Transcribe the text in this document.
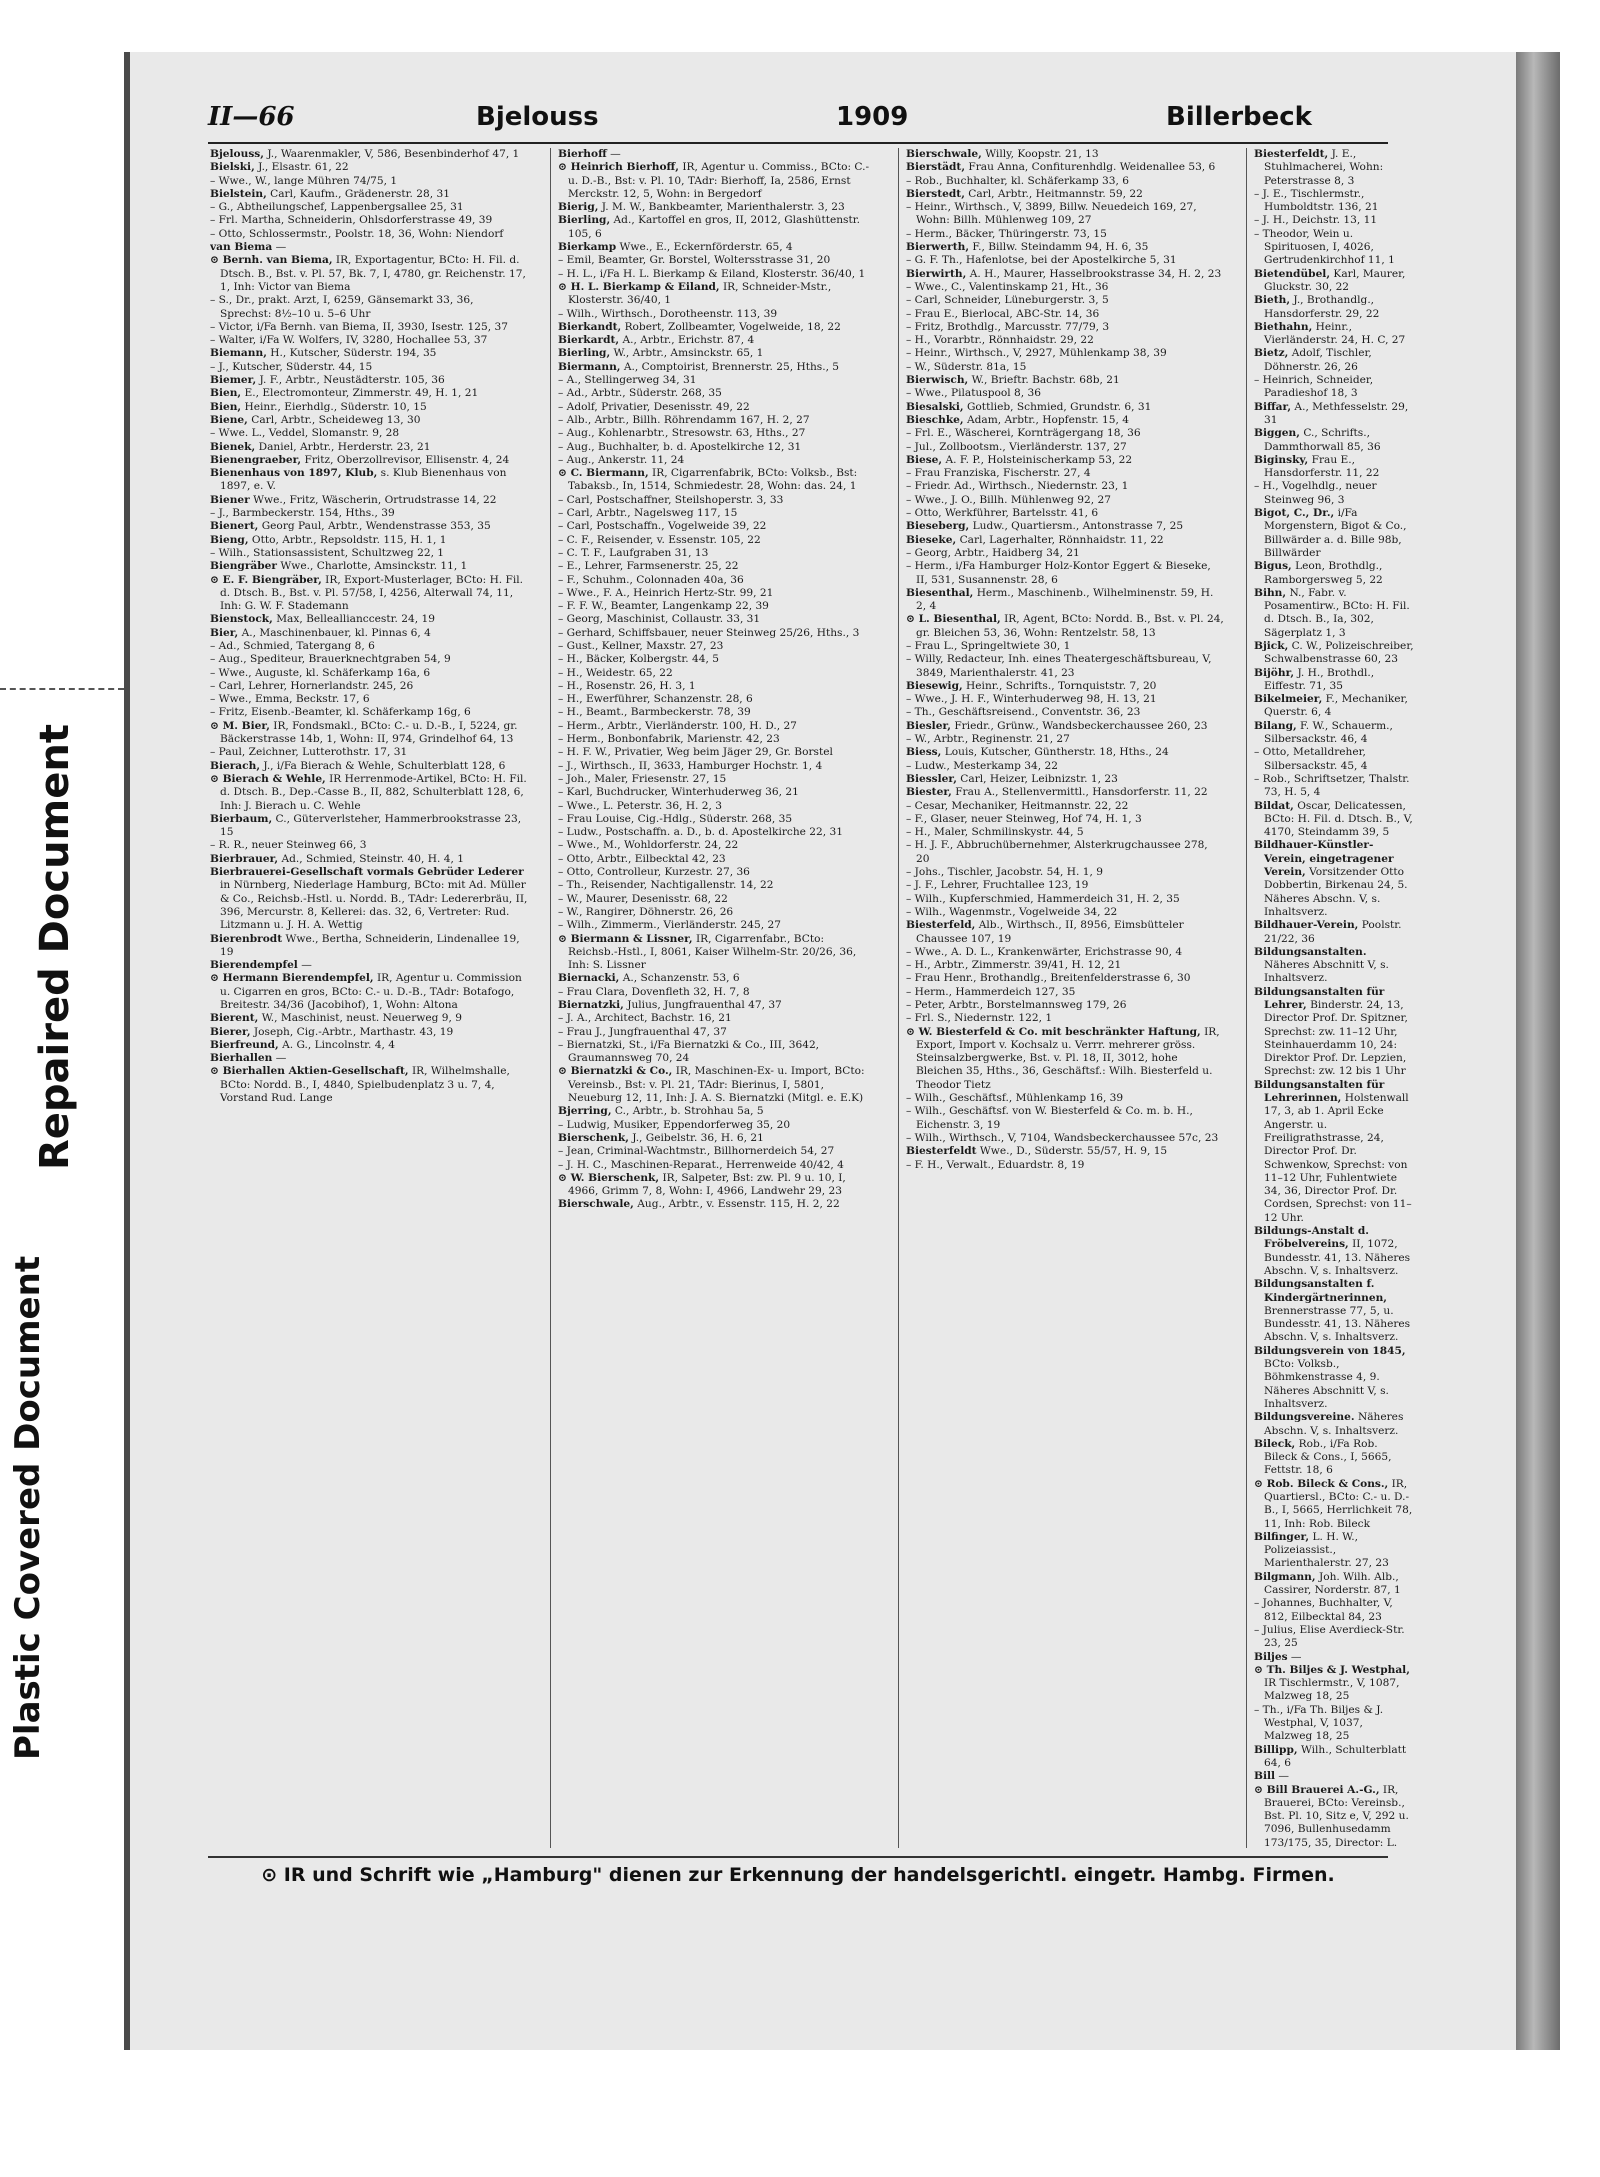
Plastic Covered Document
Repaired Document
II—66	Bjelouss	1909	Billerbeck
Bjelouss, J., Waarenmakler, V, 586, Besenbinderhof 47, 1
Bielski, J., Elsastr. 61, 22
– Wwe., W., lange Mühren 74/75, 1
Bielstein, Carl, Kaufm., Grädenerstr. 28, 31
– G., Abtheilungschef, Lappenbergsallee 25, 31
– Frl. Martha, Schneiderin, Ohlsdorferstrasse 49, 39
– Otto, Schlossermstr., Poolstr. 18, 36, Wohn: Niendorf
van Biema —
⊙ Bernh. van Biema, IR, Exportagentur, BCto: H. Fil. d. Dtsch. B., Bst. v. Pl. 57, Bk. 7, I, 4780, gr. Reichenstr. 17, 1, Inh: Victor van Biema
– S., Dr., prakt. Arzt, I, 6259, Gänsemarkt 33, 36, Sprechst: 8½–10 u. 5–6 Uhr
– Victor, i/Fa Bernh. van Biema, II, 3930, Isestr. 125, 37
– Walter, i/Fa W. Wolfers, IV, 3280, Hochallee 53, 37
Biemann, H., Kutscher, Süderstr. 194, 35
– J., Kutscher, Süderstr. 44, 15
Biemer, J. F., Arbtr., Neustädterstr. 105, 36
Bien, E., Electromonteur, Zimmerstr. 49, H. 1, 21
Bien, Heinr., Eierhdlg., Süderstr. 10, 15
Biene, Carl, Arbtr., Scheideweg 13, 30
– Wwe. L., Veddel, Slomanstr. 9, 28
Bienek, Daniel, Arbtr., Herderstr. 23, 21
Bienengraeber, Fritz, Oberzollrevisor, Ellisenstr. 4, 24
Bienenhaus von 1897, Klub, s. Klub Bienenhaus von 1897, e. V.
Biener Wwe., Fritz, Wäscherin, Ortrudstrasse 14, 22
– J., Barmbeckerstr. 154, Hths., 39
Bienert, Georg Paul, Arbtr., Wendenstrasse 353, 35
Bieng, Otto, Arbtr., Repsoldstr. 115, H. 1, 1
– Wilh., Stationsassistent, Schultzweg 22, 1
Biengräber Wwe., Charlotte, Amsinckstr. 11, 1
⊙ E. F. Biengräber, IR, Export-Musterlager, BCto: H. Fil. d. Dtsch. B., Bst. v. Pl. 57/58, I, 4256, Alterwall 74, 11, Inh: G. W. F. Stademann
Bienstock, Max, Belleallianccestr. 24, 19
Bier, A., Maschinenbauer, kl. Pinnas 6, 4
– Ad., Schmied, Tatergang 8, 6
– Aug., Spediteur, Brauerknechtgraben 54, 9
– Wwe., Auguste, kl. Schäferkamp 16a, 6
– Carl, Lehrer, Hornerlandstr. 245, 26
– Wwe., Emma, Beckstr. 17, 6
– Fritz, Eisenb.-Beamter, kl. Schäferkamp 16g, 6
⊙ M. Bier, IR, Fondsmakl., BCto: C.- u. D.-B., I, 5224, gr. Bäckerstrasse 14b, 1, Wohn: II, 974, Grindelhof 64, 13
– Paul, Zeichner, Lutterothstr. 17, 31
Bierach, J., i/Fa Bierach & Wehle, Schulterblatt 128, 6
⊙ Bierach & Wehle, IR Herrenmode-Artikel, BCto: H. Fil. d. Dtsch. B., Dep.-Casse B., II, 882, Schulterblatt 128, 6, Inh: J. Bierach u. C. Wehle
Bierbaum, C., Güterverlsteher, Hammerbrookstrasse 23, 15
– R. R., neuer Steinweg 66, 3
Bierbrauer, Ad., Schmied, Steinstr. 40, H. 4, 1
Bierbrauerei-Gesellschaft vormals Gebrüder Lederer in Nürnberg, Niederlage Hamburg, BCto: mit Ad. Müller & Co., Reichsb.-Hstl. u. Nordd. B., TAdr: Ledererbräu, II, 396, Mercurstr. 8, Kellerei: das. 32, 6, Vertreter: Rud. Litzmann u. J. H. A. Wettig
Bierenbrodt Wwe., Bertha, Schneiderin, Lindenallee 19, 19
Bierendempfel —
⊙ Hermann Bierendempfel, IR, Agentur u. Commission u. Cigarren en gros, BCto: C.- u. D.-B., TAdr: Botafogo, Breitestr. 34/36 (Jacobihof), 1, Wohn: Altona
Bierent, W., Maschinist, neust. Neuerweg 9, 9
Bierer, Joseph, Cig.-Arbtr., Marthastr. 43, 19
Bierfreund, A. G., Lincolnstr. 4, 4
Bierhallen —
⊙ Bierhallen Aktien-Gesellschaft, IR, Wilhelmshalle, BCto: Nordd. B., I, 4840, Spielbudenplatz 3 u. 7, 4, Vorstand Rud. Lange
Bierhoff —
⊙ Heinrich Bierhoff, IR, Agentur u. Commiss., BCto: C.- u. D.-B., Bst: v. Pl. 10, TAdr: Bierhoff, Ia, 2586, Ernst Merckstr. 12, 5, Wohn: in Bergedorf
Bierig, J. M. W., Bankbeamter, Marienthalerstr. 3, 23
Bierling, Ad., Kartoffel en gros, II, 2012, Glashüttenstr. 105, 6
Bierkamp Wwe., E., Eckernförderstr. 65, 4
– Emil, Beamter, Gr. Borstel, Woltersstrasse 31, 20
– H. L., i/Fa H. L. Bierkamp & Eiland, Klosterstr. 36/40, 1
⊙ H. L. Bierkamp & Eiland, IR, Schneider-Mstr., Klosterstr. 36/40, 1
– Wilh., Wirthsch., Dorotheenstr. 113, 39
Bierkandt, Robert, Zollbeamter, Vogelweide, 18, 22
Bierkardt, A., Arbtr., Erichstr. 87, 4
Bierling, W., Arbtr., Amsinckstr. 65, 1
Biermann, A., Comptoirist, Brennerstr. 25, Hths., 5
– A., Stellingerweg 34, 31
– Ad., Arbtr., Süderstr. 268, 35
– Adolf, Privatier, Desenisstr. 49, 22
– Alb., Arbtr., Billh. Röhrendamm 167, H. 2, 27
– Aug., Kohlenarbtr., Stresowstr. 63, Hths., 27
– Aug., Buchhalter, b. d. Apostelkirche 12, 31
– Aug., Ankerstr. 11, 24
⊙ C. Biermann, IR, Cigarrenfabrik, BCto: Volksb., Bst: Tabaksb., In, 1514, Schmiedestr. 28, Wohn: das. 24, 1
– Carl, Postschaffner, Steilshoperstr. 3, 33
– Carl, Arbtr., Nagelsweg 117, 15
– Carl, Postschaffn., Vogelweide 39, 22
– C. F., Reisender, v. Essenstr. 105, 22
– C. T. F., Laufgraben 31, 13
– E., Lehrer, Farmsenerstr. 25, 22
– F., Schuhm., Colonnaden 40a, 36
– Wwe., F. A., Heinrich Hertz-Str. 99, 21
– F. F. W., Beamter, Langenkamp 22, 39
– Georg, Maschinist, Collaustr. 33, 31
– Gerhard, Schiffsbauer, neuer Steinweg 25/26, Hths., 3
– Gust., Kellner, Maxstr. 27, 23
– H., Bäcker, Kolbergstr. 44, 5
– H., Weidestr. 65, 22
– H., Rosenstr. 26, H. 3, 1
– H., Ewerführer, Schanzenstr. 28, 6
– H., Beamt., Barmbeckerstr. 78, 39
– Herm., Arbtr., Vierländerstr. 100, H. D., 27
– Herm., Bonbonfabrik, Marienstr. 42, 23
– H. F. W., Privatier, Weg beim Jäger 29, Gr. Borstel
– J., Wirthsch., II, 3633, Hamburger Hochstr. 1, 4
– Joh., Maler, Friesenstr. 27, 15
– Karl, Buchdrucker, Winterhuderweg 36, 21
– Wwe., L. Peterstr. 36, H. 2, 3
– Frau Louise, Cig.-Hdlg., Süderstr. 268, 35
– Ludw., Postschaffn. a. D., b. d. Apostelkirche 22, 31
– Wwe., M., Wohldorferstr. 24, 22
– Otto, Arbtr., Eilbecktal 42, 23
– Otto, Controlleur, Kurzestr. 27, 36
– Th., Reisender, Nachtigallenstr. 14, 22
– W., Maurer, Desenisstr. 68, 22
– W., Rangirer, Döhnerstr. 26, 26
– Wilh., Zimmerm., Vierländerstr. 245, 27
⊙ Biermann & Lissner, IR, Cigarrenfabr., BCto: Reichsb.-Hstl., I, 8061, Kaiser Wilhelm-Str. 20/26, 36, Inh: S. Lissner
Biernacki, A., Schanzenstr. 53, 6
– Frau Clara, Dovenfleth 32, H. 7, 8
Biernatzki, Julius, Jungfrauenthal 47, 37
– J. A., Architect, Bachstr. 16, 21
– Frau J., Jungfrauenthal 47, 37
– Biernatzki, St., i/Fa Biernatzki & Co., III, 3642, Graumannsweg 70, 24
⊙ Biernatzki & Co., IR, Maschinen-Ex- u. Import, BCto: Vereinsb., Bst: v. Pl. 21, TAdr: Bierinus, I, 5801, Neueburg 12, 11, Inh: J. A. S. Biernatzki (Mitgl. e. E.K)
Bjerring, C., Arbtr., b. Strohhau 5a, 5
– Ludwig, Musiker, Eppendorferweg 35, 20
Bierschenk, J., Geibelstr. 36, H. 6, 21
– Jean, Criminal-Wachtmstr., Billhornerdeich 54, 27
– J. H. C., Maschinen-Reparat., Herrenweide 40/42, 4
⊙ W. Bierschenk, IR, Salpeter, Bst: zw. Pl. 9 u. 10, I, 4966, Grimm 7, 8, Wohn: I, 4966, Landwehr 29, 23
Bierschwale, Aug., Arbtr., v. Essenstr. 115, H. 2, 22
Bierschwale, Willy, Koopstr. 21, 13
Bierstädt, Frau Anna, Confiturenhdlg. Weidenallee 53, 6
– Rob., Buchhalter, kl. Schäferkamp 33, 6
Bierstedt, Carl, Arbtr., Heitmannstr. 59, 22
– Heinr., Wirthsch., V, 3899, Billw. Neuedeich 169, 27, Wohn: Billh. Mühlenweg 109, 27
– Herm., Bäcker, Thüringerstr. 73, 15
Bierwerth, F., Billw. Steindamm 94, H. 6, 35
– G. F. Th., Hafenlotse, bei der Apostelkirche 5, 31
Bierwirth, A. H., Maurer, Hasselbrookstrasse 34, H. 2, 23
– Wwe., C., Valentinskamp 21, Ht., 36
– Carl, Schneider, Lüneburgerstr. 3, 5
– Frau E., Bierlocal, ABC-Str. 14, 36
– Fritz, Brothdlg., Marcusstr. 77/79, 3
– H., Vorarbtr., Rönnhaidstr. 29, 22
– Heinr., Wirthsch., V, 2927, Mühlenkamp 38, 39
– W., Süderstr. 81a, 15
Bierwisch, W., Brieftr. Bachstr. 68b, 21
– Wwe., Pilatuspool 8, 36
Biesalski, Gottlieb, Schmied, Grundstr. 6, 31
Bieschke, Adam, Arbtr., Hopfenstr. 15, 4
– Frl. E., Wäscherei, Kornträgergang 18, 36
– Jul., Zollbootsm., Vierländerstr. 137, 27
Biese, A. F. P., Holsteinischerkamp 53, 22
– Frau Franziska, Fischerstr. 27, 4
– Friedr. Ad., Wirthsch., Niedernstr. 23, 1
– Wwe., J. O., Billh. Mühlenweg 92, 27
– Otto, Werkführer, Bartelsstr. 41, 6
Bieseberg, Ludw., Quartiersm., Antonstrasse 7, 25
Bieseke, Carl, Lagerhalter, Rönnhaidstr. 11, 22
– Georg, Arbtr., Haidberg 34, 21
– Herm., i/Fa Hamburger Holz-Kontor Eggert & Bieseke, II, 531, Susannenstr. 28, 6
Biesenthal, Herm., Maschinenb., Wilhelminenstr. 59, H. 2, 4
⊙ L. Biesenthal, IR, Agent, BCto: Nordd. B., Bst. v. Pl. 24, gr. Bleichen 53, 36, Wohn: Rentzelstr. 58, 13
– Frau L., Springeltwiete 30, 1
– Willy, Redacteur, Inh. eines Theatergeschäftsbureau, V, 3849, Marienthalerstr. 41, 23
Biesewig, Heinr., Schrifts., Tornquiststr. 7, 20
– Wwe., J. H. F., Winterhuderweg 98, H. 13, 21
– Th., Geschäftsreisend., Conventstr. 36, 23
Biesler, Friedr., Grünw., Wandsbeckerchaussee 260, 23
– W., Arbtr., Reginenstr. 21, 27
Biess, Louis, Kutscher, Güntherstr. 18, Hths., 24
– Ludw., Mesterkamp 34, 22
Biessler, Carl, Heizer, Leibnizstr. 1, 23
Biester, Frau A., Stellenvermittl., Hansdorferstr. 11, 22
– Cesar, Mechaniker, Heitmannstr. 22, 22
– F., Glaser, neuer Steinweg, Hof 74, H. 1, 3
– H., Maler, Schmilinskystr. 44, 5
– H. J. F., Abbruchübernehmer, Alsterkrugchaussee 278, 20
– Johs., Tischler, Jacobstr. 54, H. 1, 9
– J. F., Lehrer, Fruchtallee 123, 19
– Wilh., Kupferschmied, Hammerdeich 31, H. 2, 35
– Wilh., Wagenmstr., Vogelweide 34, 22
Biesterfeld, Alb., Wirthsch., II, 8956, Eimsbütteler Chaussee 107, 19
– Wwe., A. D. L., Krankenwärter, Erichstrasse 90, 4
– H., Arbtr., Zimmerstr. 39/41, H. 12, 21
– Frau Henr., Brothandlg., Breitenfelderstrasse 6, 30
– Herm., Hammerdeich 127, 35
– Peter, Arbtr., Borstelmannsweg 179, 26
– Frl. S., Niedernstr. 122, 1
⊙ W. Biesterfeld & Co. mit beschränkter Haftung, IR, Export, Import v. Kochsalz u. Verrr. mehrerer gröss. Steinsalzbergwerke, Bst. v. Pl. 18, II, 3012, hohe Bleichen 35, Hths., 36, Geschäftsf.: Wilh. Biesterfeld u. Theodor Tietz
– Wilh., Geschäftsf., Mühlenkamp 16, 39
– Wilh., Geschäftsf. von W. Biesterfeld & Co. m. b. H., Eichenstr. 3, 19
– Wilh., Wirthsch., V, 7104, Wandsbeckerchaussee 57c, 23
Biesterfeldt Wwe., D., Süderstr. 55/57, H. 9, 15
– F. H., Verwalt., Eduardstr. 8, 19
Biesterfeldt, J. E., Stuhlmacherei, Wohn: Peterstrasse 8, 3
– J. E., Tischlermstr., Humboldtstr. 136, 21
– J. H., Deichstr. 13, 11
– Theodor, Wein u. Spirituosen, I, 4026, Gertrudenkirchhof 11, 1
Bietendübel, Karl, Maurer, Gluckstr. 30, 22
Bieth, J., Brothandlg., Hansdorferstr. 29, 22
Biethahn, Heinr., Vierländerstr. 24, H. C, 27
Bietz, Adolf, Tischler, Döhnerstr. 26, 26
– Heinrich, Schneider, Paradieshof 18, 3
Biffar, A., Methfesselstr. 29, 31
Biggen, C., Schrifts., Dammthorwall 85, 36
Biginsky, Frau E., Hansdorferstr. 11, 22
– H., Vogelhdlg., neuer Steinweg 96, 3
Bigot, C., Dr., i/Fa Morgenstern, Bigot & Co., Billwärder a. d. Bille 98b, Billwärder
Bigus, Leon, Brothdlg., Ramborgersweg 5, 22
Bihn, N., Fabr. v. Posamentirw., BCto: H. Fil. d. Dtsch. B., Ia, 302, Sägerplatz 1, 3
Bjick, C. W., Polizeischreiber, Schwalbenstrasse 60, 23
Bijöhr, J. H., Brothdl., Eiffestr. 71, 35
Bikelmeier, F., Mechaniker, Querstr. 6, 4
Bilang, F. W., Schauerm., Silbersackstr. 46, 4
– Otto, Metalldreher, Silbersackstr. 45, 4
– Rob., Schriftsetzer, Thalstr. 73, H. 5, 4
Bildat, Oscar, Delicatessen, BCto: H. Fil. d. Dtsch. B., V, 4170, Steindamm 39, 5
Bildhauer-Künstler-Verein, eingetragener Verein, Vorsitzender Otto Dobbertin, Birkenau 24, 5. Näheres Abschn. V, s. Inhaltsverz.
Bildhauer-Verein, Poolstr. 21/22, 36
Bildungsanstalten. Näheres Abschnitt V, s. Inhaltsverz.
Bildungsanstalten für Lehrer, Binderstr. 24, 13, Director Prof. Dr. Spitzner, Sprechst: zw. 11–12 Uhr, Steinhauerdamm 10, 24: Direktor Prof. Dr. Lepzien, Sprechst: zw. 12 bis 1 Uhr
Bildungsanstalten für Lehrerinnen, Holstenwall 17, 3, ab 1. April Ecke Angerstr. u. Freiligrathstrasse, 24, Director Prof. Dr. Schwenkow, Sprechst: von 11–12 Uhr, Fuhlentwiete 34, 36, Director Prof. Dr. Cordsen, Sprechst: von 11–12 Uhr.
Bildungs-Anstalt d. Fröbelvereins, II, 1072, Bundesstr. 41, 13. Näheres Abschn. V, s. Inhaltsverz.
Bildungsanstalten f. Kindergärtnerinnen, Brennerstrasse 77, 5, u. Bundesstr. 41, 13. Näheres Abschn. V, s. Inhaltsverz.
Bildungsverein von 1845, BCto: Volksb., Böhmkenstrasse 4, 9. Näheres Abschnitt V, s. Inhaltsverz.
Bildungsvereine. Näheres Abschn. V, s. Inhaltsverz.
Bileck, Rob., i/Fa Rob. Bileck & Cons., I, 5665, Fettstr. 18, 6
⊙ Rob. Bileck & Cons., IR, Quartiersl., BCto: C.- u. D.-B., I, 5665, Herrlichkeit 78, 11, Inh: Rob. Bileck
Bilfinger, L. H. W., Polizeiassist., Marienthalerstr. 27, 23
Bilgmann, Joh. Wilh. Alb., Cassirer, Norderstr. 87, 1
– Johannes, Buchhalter, V, 812, Eilbecktal 84, 23
– Julius, Elise Averdieck-Str. 23, 25
Biljes —
⊙ Th. Biljes & J. Westphal, IR Tischlermstr., V, 1087, Malzweg 18, 25
– Th., i/Fa Th. Biljes & J. Westphal, V, 1037, Malzweg 18, 25
Billipp, Wilh., Schulterblatt 64, 6
Bill —
⊙ Bill Brauerei A.-G., IR, Brauerei, BCto: Vereinsb., Bst. Pl. 10, Sitz e, V, 292 u. 7096, Bullenhusedamm 173/175, 35, Director: L.
⊙ IR und Schrift wie „Hamburg" dienen zur Erkennung der handelsgerichtl. eingetr. Hambg. Firmen.
